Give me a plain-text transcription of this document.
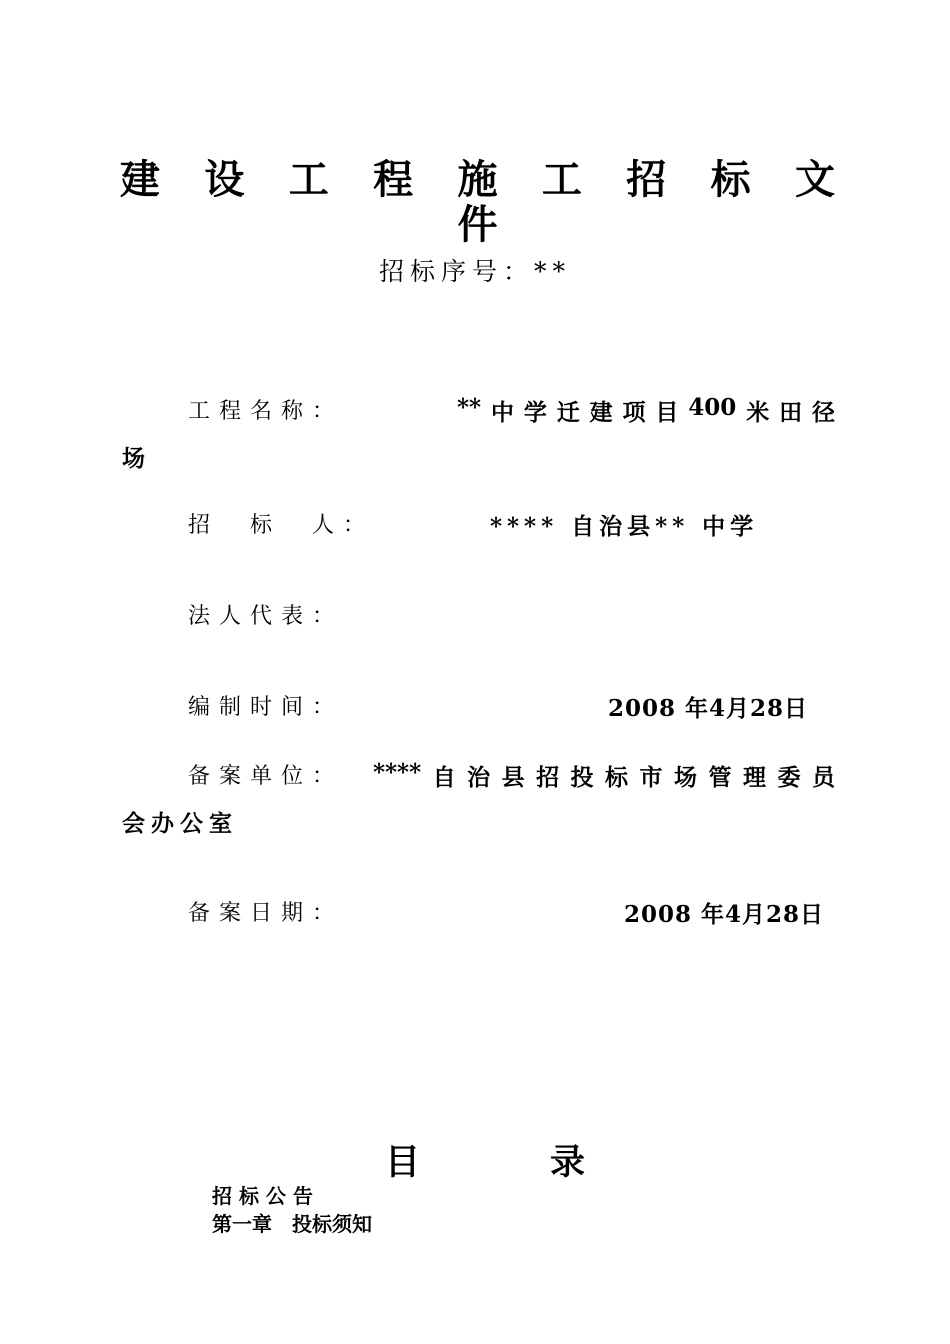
建 设 工 程 施 工 招 标 文
件
招标序号：**
工程名称：	** 中 学 迁 建 项 目 400 米 田 径
场
招　标　人：	**** 自治县** 中学
法人代表：
编制时间：	2008 年4月28日
备案单位： **** 自 治 县 招 投 标 市 场 管 理 委 员
会办公室
备案日期：	2008 年4月28日
目	录
招 标 公 告
第一章　投标须知
